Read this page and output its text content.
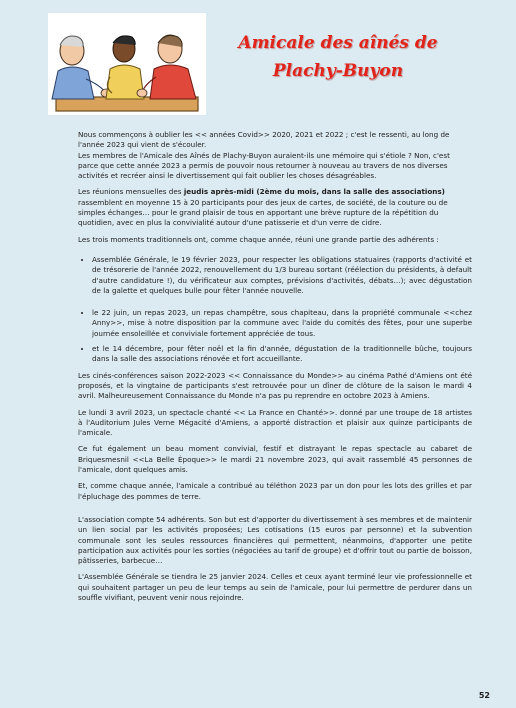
Amicale des aînés de
Plachy-Buyon

Nous commençons à oublier les << années Covid>> 2020, 2021 et 2022 ; c'est le ressenti, au long de l'année 2023 qui vient de s'écouler.
Les membres de l'Amicale des Aînés de Plachy-Buyon auraient-ils une mémoire qui s'étiole ? Non, c'est parce que cette année 2023 a permis de pouvoir nous retourner à nouveau au travers de nos diverses activités et recréer ainsi le divertissement qui fait oublier les choses désagréables.

Les réunions mensuelles des jeudis après-midi (2ème du mois, dans la salle des associations) rassemblent en moyenne 15 à 20 participants pour des jeux de cartes, de société, de la couture ou de simples échanges… pour le grand plaisir de tous en apportant une brève rupture de la répétition du quotidien, avec en plus la convivialité autour d'une patisserie et d'un verre de cidre.

Les trois moments traditionnels ont, comme chaque année, réuni une grande partie des adhérents :

• Assemblée Générale, le 19 février 2023, pour respecter les obligations statuaires (rapports d'activité et de trésorerie de l'année 2022, renouvellement du 1/3 bureau sortant (réélection du présidents, à default d'autre candidature !), du vérificateur aux comptes, prévisions d'activités, débats…); avec dégustation de la galette et quelques bulle pour fêter l'année nouvelle.
• le 22 juin, un repas 2023, un repas champêtre, sous chapiteau, dans la propriété communale <<chez Anny>>, mise à notre disposition par la commune avec l'aide du comités des fêtes, pour une superbe journée ensoleillée et conviviale fortement appréciée de tous.
• et le 14 décembre, pour fêter noël et la fin d'année, dégustation de la traditionnelle bûche, toujours dans la salle des associations rénovée et fort accueillante.

Les cinés-conférences saison 2022-2023 << Connaissance du Monde>> au cinéma Pathé d'Amiens ont été proposés, et la vingtaine de participants s'est retrouvée pour un dîner de clôture de la saison le mardi 4 avril. Malheureusement Connaissance du Monde n'a pas pu reprendre en octobre 2023 à Amiens.

Le lundi 3 avril 2023, un spectacle chanté << La France en Chanté>>. donné par une troupe de 18 artistes à l'Auditorium Jules Verne Mégacité d'Amiens, a apporté distraction et plaisir aux quinze participants de l'amicale.

Ce fut également un beau moment convivial, festif et distrayant le repas spectacle au cabaret de Briquesmesnil <<La Belle Époque>> le mardi 21 novembre 2023, qui avait rassemblé 45 personnes de l'amicale, dont quelques amis.

Et, comme chaque année, l'amicale a contribué au téléthon 2023 par un don pour les lots des grilles et par l'épluchage des pommes de terre.

L'association compte 54 adhérents. Son but est d'apporter du divertissement à ses membres et de maintenir un lien social par les activités proposées; Les cotisations (15 euros par personne) et la subvention communale sont les seules ressources financières qui permettent, néanmoins, d'apporter une petite participation aux activités pour les sorties (négociées au tarif de groupe) et d'offrir tout ou partie de boisson, pâtisseries, barbecue…

L'Assemblée Générale se tiendra le 25 janvier 2024. Celles et ceux ayant terminé leur vie professionnelle et qui souhaitent partager un peu de leur temps au sein de l'amicale, pour lui permettre de perdurer dans un souffle vivifiant, peuvent venir nous rejoindre.

52
